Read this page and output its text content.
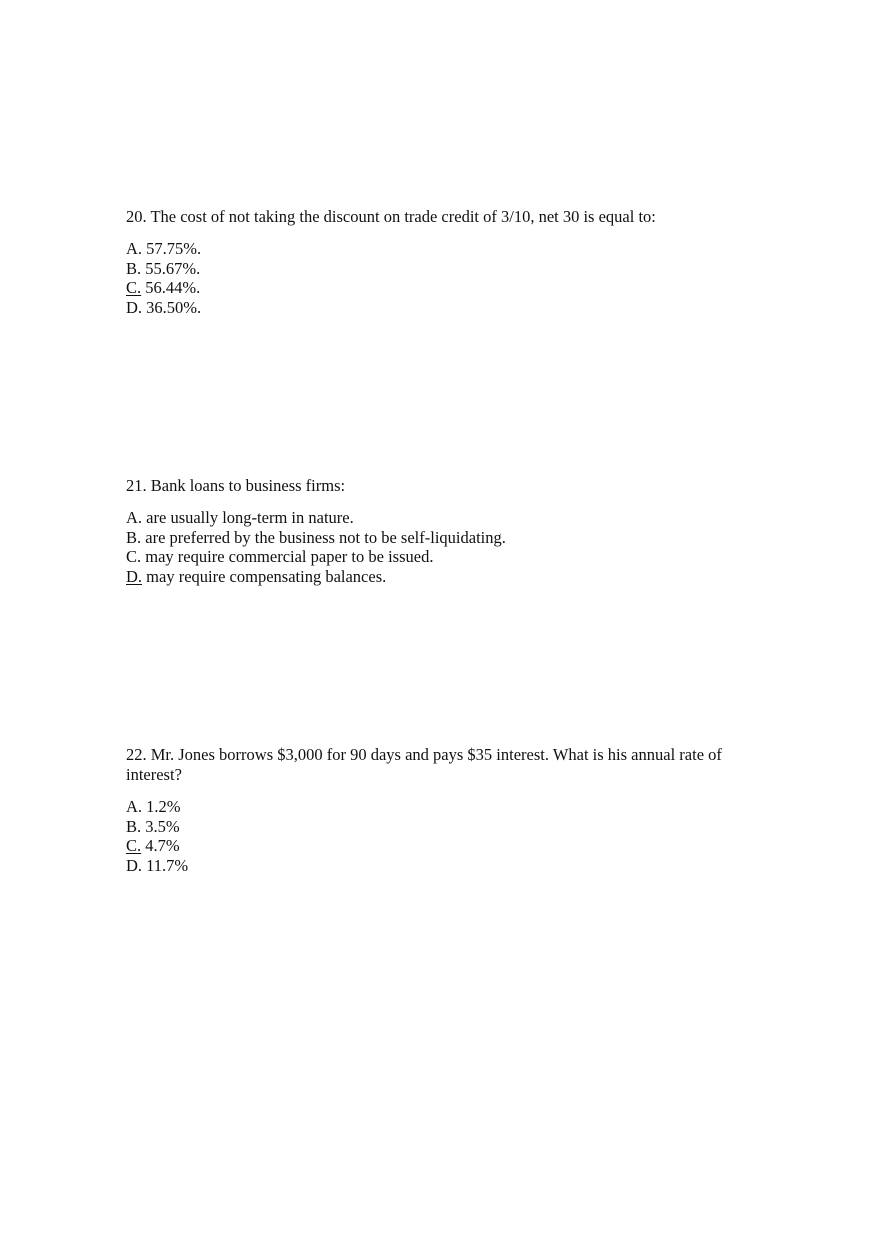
20. The cost of not taking the discount on trade credit of 3/10, net 30 is equal to:

A. 57.75%.
B. 55.67%.
C. 56.44%.
D. 36.50%.

21. Bank loans to business firms:

A. are usually long-term in nature.
B. are preferred by the business not to be self-liquidating.
C. may require commercial paper to be issued.
D. may require compensating balances.

22. Mr. Jones borrows $3,000 for 90 days and pays $35 interest. What is his annual rate of interest?

A. 1.2%
B. 3.5%
C. 4.7%
D. 11.7%
